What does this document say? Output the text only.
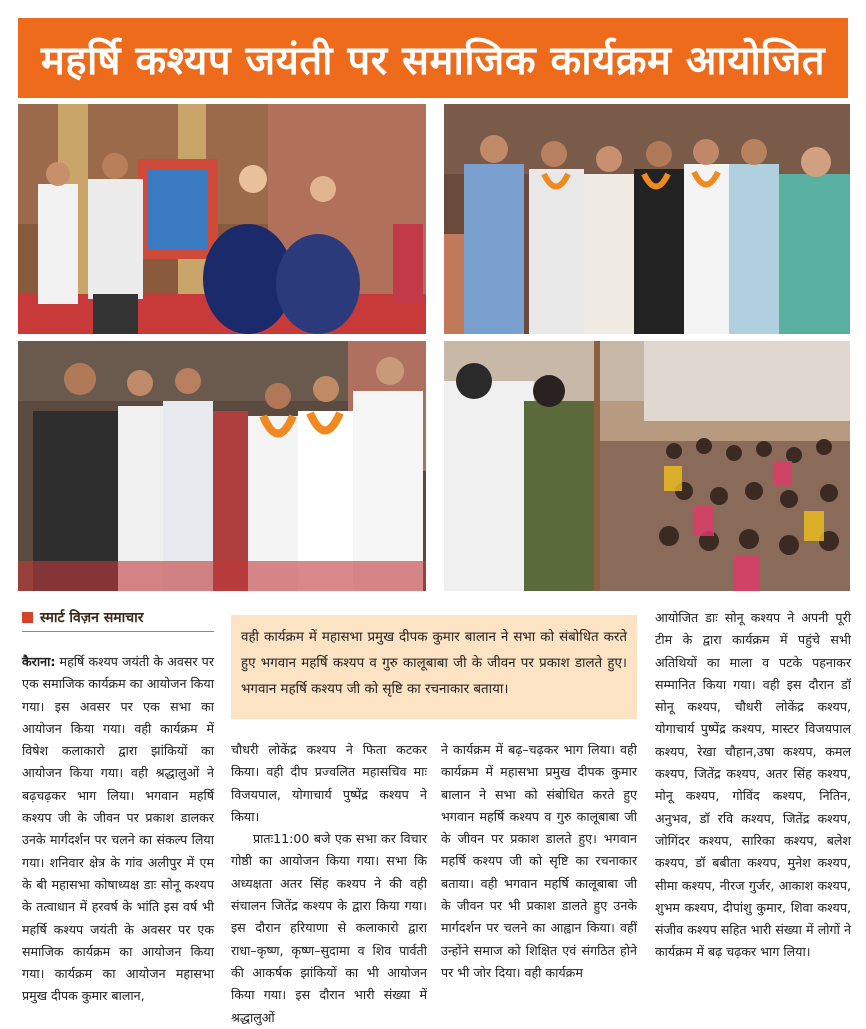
महर्षि कश्यप जयंती पर समाजिक कार्यक्रम आयोजित
स्मार्ट विज़न समाचार

वही कार्यक्रम में महासभा प्रमुख दीपक कुमार बालान ने सभा को संबोधित करते हुए भगवान महर्षि कश्यप व गुरु कालूबाबा जी के जीवन पर प्रकाश डालते हुए। भगवान महर्षि कश्यप जी को सृष्टि का रचनाकार बताया।

कैराना: महर्षि कश्यप जयंती के अवसर पर एक समाजिक कार्यक्रम का आयोजन किया गया। इस अवसर पर एक सभा का आयोजन किया गया। वही कार्यक्रम में विषेश कलाकारो द्वारा झांकियों का आयोजन किया गया। वही श्रद्धालुओं ने बढ़चढ़कर भाग लिया। भगवान महर्षि कश्यप जी के जीवन पर प्रकाश डालकर उनके मार्गदर्शन पर चलने का संकल्प लिया गया। शनिवार क्षेत्र के गांव अलीपुर में एम के बी महासभा कोषाध्यक्ष डाः सोनू कश्यप के तत्वाधान में हरवर्ष के भांति इस वर्ष भी महर्षि कश्यप जयंती के अवसर पर एक समाजिक कार्यक्रम का आयोजन किया गया। कार्यक्रम का आयोजन महासभा प्रमुख दीपक कुमार बालान,

चौधरी लोकेंद्र कश्यप ने फिता कटकर किया। वही दीप प्रज्वलित महासचिव माः विजयपाल, योगाचार्य पुष्पेंद्र कश्यप ने किया।

प्रातः11:00 बजे एक सभा कर विचार गोष्ठी का आयोजन किया गया। सभा कि अध्यक्षता अतर सिंह कश्यप ने की वही संचालन जितेंद्र कश्यप के द्वारा किया गया। इस दौरान हरियाणा से कलाकारो द्वारा राधा–कृष्ण, कृष्ण–सुदामा व शिव पार्वती की आकर्षक झांकियों का भी आयोजन किया गया। इस दौरान भारी संख्या में श्रद्धालुओं

ने कार्यक्रम में बढ़–चढ़कर भाग लिया। वही कार्यक्रम में महासभा प्रमुख दीपक कुमार बालान ने सभा को संबोधित करते हुए भगवान महर्षि कश्यप व गुरु कालूबाबा जी के जीवन पर प्रकाश डालते हुए। भगवान महर्षि कश्यप जी को सृष्टि का रचनाकार बताया। वही भगवान महर्षि कालूबाबा जी के जीवन पर भी प्रकाश डालते हुए उनके मार्गदर्शन पर चलने का आह्वान किया। वहीं उन्होंने समाज को शिक्षित एवं संगठित होने पर भी जोर दिया। वही कार्यक्रम

आयोजित डाः सोनू कश्यप ने अपनी पूरी टीम के द्वारा कार्यक्रम में पहुंचे सभी अतिथियों का माला व पटके पहनाकर सम्मानित किया गया। वही इस दौरान डॉ सोनू कश्यप, चौधरी लोकेंद्र कश्यप, योगाचार्य पुष्पेंद्र कश्यप, मास्टर विजयपाल कश्यप, रेखा चौहान,उषा कश्यप, कमल कश्यप, जितेंद्र कश्यप, अतर सिंह कश्यप, मोनू कश्यप, गोविंद कश्यप, नितिन, अनुभव, डॉ रवि कश्यप, जितेंद्र कश्यप, जोगिंदर कश्यप, सारिका कश्यप, बलेश कश्यप, डॉ बबीता कश्यप, मुनेश कश्यप, सीमा कश्यप, नीरज गुर्जर, आकाश कश्यप, शुभम कश्यप, दीपांशु कुमार, शिवा कश्यप, संजीव कश्यप सहित भारी संख्या में लोगों ने कार्यक्रम में बढ़ चढ़कर भाग लिया।
